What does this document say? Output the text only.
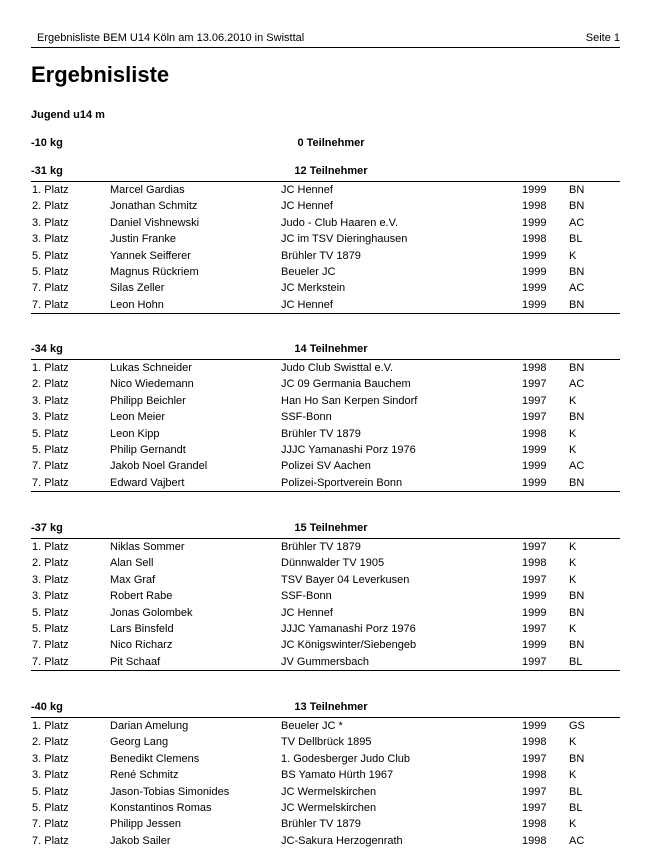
Ergebnisliste BEM U14 Köln am 13.06.2010 in Swisttal	Seite 1
Ergebnisliste
Jugend u14 m
-10 kg	0 Teilnehmer
-31 kg	12 Teilnehmer
1. Platz	Marcel Gardias	JC Hennef	1999 BN
2. Platz	Jonathan Schmitz	JC Hennef	1998 BN
3. Platz	Daniel Vishnewski	Judo - Club Haaren e.V.	1999 AC
3. Platz	Justin Franke	JC im TSV Dieringhausen	1998 BL
5. Platz	Yannek Seifferer	Brühler TV 1879	1999 K
5. Platz	Magnus Rückriem	Beueler JC	1999 BN
7. Platz	Silas Zeller	JC Merkstein	1999 AC
7. Platz	Leon Hohn	JC Hennef	1999 BN
-34 kg	14 Teilnehmer
1. Platz	Lukas Schneider	Judo Club Swisttal e.V.	1998 BN
2. Platz	Nico Wiedemann	JC 09 Germania Bauchem	1997 AC
3. Platz	Philipp Beichler	Han Ho San Kerpen Sindorf	1997 K
3. Platz	Leon Meier	SSF-Bonn	1997 BN
5. Platz	Leon Kipp	Brühler TV 1879	1998 K
5. Platz	Philip Gernandt	JJJC Yamanashi Porz 1976	1999 K
7. Platz	Jakob Noel Grandel	Polizei SV Aachen	1999 AC
7. Platz	Edward Vajbert	Polizei-Sportverein Bonn	1999 BN
-37 kg	15 Teilnehmer
1. Platz	Niklas Sommer	Brühler TV 1879	1997 K
2. Platz	Alan Sell	Dünnwalder TV 1905	1998 K
3. Platz	Max Graf	TSV Bayer 04 Leverkusen	1997 K
3. Platz	Robert Rabe	SSF-Bonn	1999 BN
5. Platz	Jonas Golombek	JC Hennef	1999 BN
5. Platz	Lars Binsfeld	JJJC Yamanashi Porz 1976	1997 K
7. Platz	Nico Richarz	JC Königswinter/Siebengeb	1999 BN
7. Platz	Pit Schaaf	JV Gummersbach	1997 BL
-40 kg	13 Teilnehmer
1. Platz	Darian Amelung	Beueler JC *	1999 GS
2. Platz	Georg Lang	TV Dellbrück 1895	1998 K
3. Platz	Benedikt Clemens	1. Godesberger Judo Club	1997 BN
3. Platz	René Schmitz	BS Yamato Hürth 1967	1998 K
5. Platz	Jason-Tobias Simonides	JC Wermelskirchen	1997 BL
5. Platz	Konstantinos Romas	JC Wermelskirchen	1997 BL
7. Platz	Philipp Jessen	Brühler TV 1879	1998 K
7. Platz	Jakob Sailer	JC-Sakura Herzogenrath	1998 AC
